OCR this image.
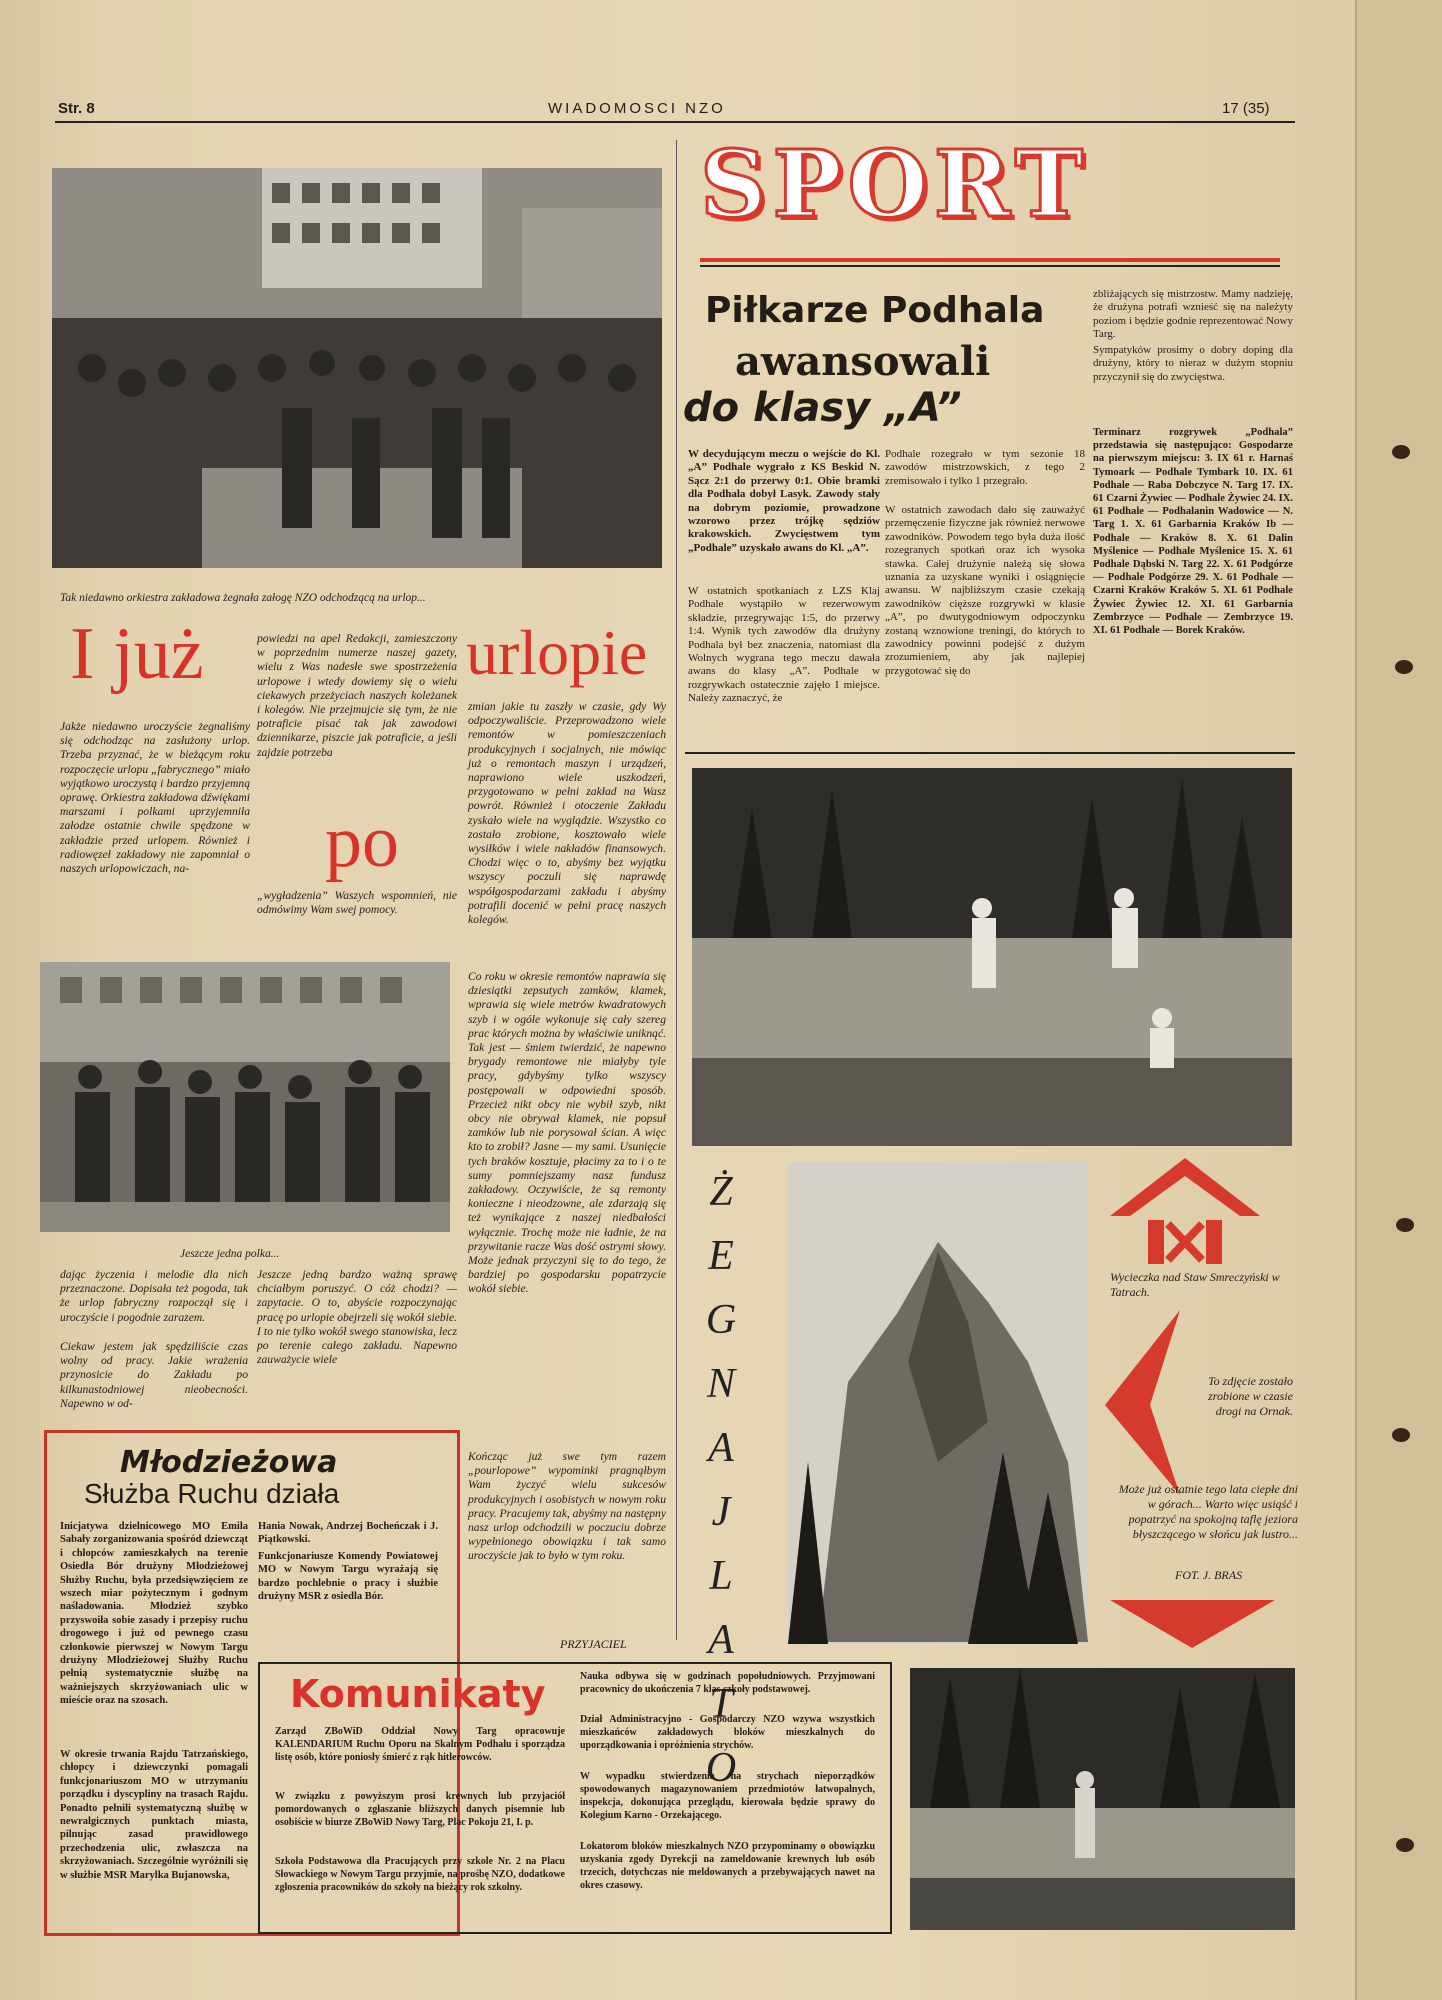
Str. 8	WIADOMOSCI NZO	17 (35)
Tak niedawno orkiestra zakładowa żegnała załogę NZO odchodzącą na urlop...
I już
po
urlopie
Jakże niedawno uroczyście żegnaliśmy się odchodząc na zasłużony urlop. Trzeba przyznać, że w bieżącym roku rozpoczęcie urlopu „fabrycznego” miało wyjątkowo uroczystą i bardzo przyjemną oprawę. Orkiestra zakładowa dźwiękami marszami i polkami uprzyjemniła załodze ostatnie chwile spędzone w zakładzie przed urlopem. Również i radiowęzeł zakładowy nie zapomniał o naszych urlopowiczach, na-
powiedzi na apel Redakcji, zamieszczony w poprzednim numerze naszej gazety, wielu z Was nadesłe swe spostrzeżenia urlopowe i wtedy dowiemy się o wielu ciekawych przeżyciach naszych koleżanek i kolegów. Nie przejmujcie się tym, że nie potraficie pisać tak jak zawodowi dziennikarze, piszcie jak potraficie, a jeśli zajdzie potrzeba
„wygładzenia” Waszych wspomnień, nie odmówimy Wam swej pomocy.
zmian jakie tu zaszły w czasie, gdy Wy odpoczywaliście. Przeprowadzono wiele remontów w pomieszczeniach produkcyjnych i socjalnych, nie mówiąc już o remontach maszyn i urządzeń, naprawiono wiele uszkodzeń, przygotowano w pełni zakład na Wasz powrót. Również i otoczenie Zakładu zyskało wiele na wyglądzie. Wszystko co zostało zrobione, kosztowało wiele wysiłków i wiele nakładów finansowych. Chodzi więc o to, abyśmy bez wyjątku wszyscy poczuli się naprawdę współgospodarzami zakładu i abyśmy potrafili docenić w pełni pracę naszych kolegów.
Co roku w okresie remontów naprawia się dziesiątki zepsutych zamków, klamek, wprawia się wiele metrów kwadratowych szyb i w ogóle wykonuje się cały szereg prac których można by właściwie uniknąć. Tak jest — śmiem twierdzić, że napewno brygady remontowe nie miałyby tyle pracy, gdybyśmy tylko wszyscy postępowali w odpowiedni sposób. Przecież nikt obcy nie wybił szyb, nikt obcy nie obrywał klamek, nie popsuł zamków lub nie porysował ścian. A więc kto to zrobił? Jasne — my sami. Usunięcie tych braków kosztuje, płacimy za to i o te sumy pomniejszamy nasz fundusz zakładowy. Oczywiście, że są remonty konieczne i nieodzowne, ale zdarzają się też wynikające z naszej niedbałości wyłącznie. Trochę może nie ładnie, że na przywitanie racze Was dość ostrymi słowy. Może jednak przyczyni się to do tego, że bardziej po gospodarsku popatrzycie wokół siebie.
Kończąc już swe tym razem „pourlopowe” wypominki pragnąłbym Wam życzyć wielu sukcesów produkcyjnych i osobistych w nowym roku pracy. Pracujemy tak, abyśmy na następny nasz urlop odchodzili w poczuciu dobrze wypełnionego obowiązku i tak samo uroczyście jak to było w tym roku.
PRZYJACIEL
Jeszcze jedna polka...
dając życzenia i melodie dla nich przeznaczone. Dopisała też pogoda, tak że urlop fabryczny rozpoczął się i uroczyście i pogodnie zarazem.
Ciekaw jestem jak spędziliście czas wolny od pracy. Jakie wrażenia przynosicie do Zakładu po kilkunastodniowej nieobecności. Napewno w od-
Jeszcze jedną bardzo ważną sprawę chciałbym poruszyć. O cóż chodzi? — zapytacie. O to, abyście rozpoczynając pracę po urlopie obejrzeli się wokół siebie. I to nie tylko wokół swego stanowiska, lecz po terenie całego zakładu. Napewno zauważycie wiele
Młodzieżowa
Służba Ruchu działa
Inicjatywa dzielnicowego MO Emila Sabały zorganizowania spośród dziewcząt i chłopców zamieszkałych na terenie Osiedla Bór drużyny Młodzieżowej Służby Ruchu, była przedsięwzięciem ze wszech miar pożytecznym i godnym naśladowania. Młodzież szybko przyswoiła sobie zasady i przepisy ruchu drogowego i już od pewnego czasu członkowie pierwszej w Nowym Targu drużyny Młodzieżowej Służby Ruchu pełnią systematycznie służbę na ważniejszych skrzyżowaniach ulic w mieście oraz na szosach.
W okresie trwania Rajdu Tatrzańskiego, chłopcy i dziewczynki pomagali funkcjonariuszom MO w utrzymaniu porządku i dyscypliny na trasach Rajdu. Ponadto pełnili systematyczną służbę w newralgicznych punktach miasta, pilnując zasad prawidłowego przechodzenia ulic, zwłaszcza na skrzyżowaniach. Szczególnie wyróżnili się w służbie MSR Marylka Bujanowska,
Hania Nowak, Andrzej Bocheńczak i J. Piątkowski.
Funkcjonariusze Komendy Powiatowej MO w Nowym Targu wyrażają się bardzo pochlebnie o pracy i służbie drużyny MSR z osiedla Bór.
SPORT
Piłkarze Podhala
awansowali
do klasy „A”
W decydującym meczu o wejście do Kl. „A” Podhale wygrało z KS Beskid N. Sącz 2:1 do przerwy 0:1. Obie bramki dla Podhala dobył Lasyk. Zawody stały na dobrym poziomie, prowadzone wzorowo przez trójkę sędziów krakowskich. Zwycięstwem tym „Podhale” uzyskało awans do Kl. „A”.
W ostatnich spotkaniach z LZS Klaj Podhale wystąpiło w rezerwowym składzie, przegrywając 1:5, do przerwy 1:4. Wynik tych zawodów dla drużyny Podhala był bez znaczenia, natomiast dla Wolnych wygrana tego meczu dawała awans do klasy „A”. Podhale w rozgrywkach ostatecznie zajęło I miejsce. Należy zaznaczyć, że
Podhale rozegrało w tym sezonie 18 zawodów mistrzowskich, z tego 2 zremisowało i tylko 1 przegrało.
W ostatnich zawodach dało się zauważyć przemęczenie fizyczne jak również nerwowe zawodników. Powodem tego była duża ilość rozegranych spotkań oraz ich wysoka stawka. Całej drużynie należą się słowa uznania za uzyskane wyniki i osiągnięcie awansu. W najbliższym czasie czekają zawodników cięższe rozgrywki w klasie „A”, po dwutygodniowym odpoczynku zostaną wznowione treningi, do których to zawodnicy powinni podejść z dużym zrozumieniem, aby jak najlepiej przygotować się do
zbliżających się mistrzostw. Mamy nadzieję, że drużyna potrafi wznieść się na należyty poziom i będzie godnie reprezentować Nowy Targ.
Sympatyków prosimy o dobry doping dla drużyny, który to nieraz w dużym stopniu przyczynił się do zwycięstwa.
Terminarz rozgrywek „Podhala” przedstawia się następująco: Gospodarze na pierwszym miejscu: 3. IX 61 r. Harnaś Tymoark — Podhale Tymbark 10. IX. 61 Podhale — Raba Dobczyce N. Targ 17. IX. 61 Czarni Żywiec — Podhale Żywiec 24. IX. 61 Podhale — Podhalanin Wadowice — N. Targ 1. X. 61 Garbarnia Kraków Ib — Podhale — Kraków 8. X. 61 Dalin Myślenice — Podhale Myślenice 15. X. 61 Podhale Dąbski N. Targ 22. X. 61 Podgórze — Podhale Podgórze 29. X. 61 Podhale — Czarni Kraków Kraków 5. XI. 61 Podhale Żywiec Żywiec 12. XI. 61 Garbarnia Zembrzyce — Podhale — Zembrzyce 19. XI. 61 Podhale — Borek Kraków.
Ż
E
G
N
A
J
L
A
T
O
Wycieczka nad Staw Smreczyński w Tatrach.
To zdjęcie zostało zrobione w czasie drogi na Ornak.
Może już ostatnie tego lata ciepłe dni w górach... Warto więc usiąść i popatrzyć na spokojną taflę jeziora błyszczącego w słońcu jak lustro...
FOT. J. BRAS
Komunikaty
Zarząd ZBoWiD Oddział Nowy Targ opracowuje KALENDARIUM Ruchu Oporu na Skalnym Podhalu i sporządza listę osób, które poniosły śmierć z rąk hitlerowców.
W związku z powyższym prosi krewnych lub przyjaciół pomordowanych o zgłaszanie bliższych danych pisemnie lub osobiście w biurze ZBoWiD Nowy Targ, Plac Pokoju 21, I. p.
Szkoła Podstawowa dla Pracujących przy szkole Nr. 2 na Placu Słowackiego w Nowym Targu przyjmie, na prośbę NZO, dodatkowe zgłoszenia pracowników do szkoły na bieżący rok szkolny.
Nauka odbywa się w godzinach popołudniowych. Przyjmowani pracownicy do ukończenia 7 klas szkoły podstawowej.
Dział Administracyjno - Gospodarczy NZO wzywa wszystkich mieszkańców zakładowych bloków mieszkalnych do uporządkowania i opróżnienia strychów.
W wypadku stwierdzenia na strychach nieporządków spowodowanych magazynowaniem przedmiotów łatwopalnych, inspekcja, dokonująca przeglądu, kierowała będzie sprawy do Kolegium Karno - Orzekającego.
Lokatorom bloków mieszkalnych NZO przypominamy o obowiązku uzyskania zgody Dyrekcji na zameldowanie krewnych lub osób trzecich, dotychczas nie meldowanych a przebywających nawet na okres czasowy.
